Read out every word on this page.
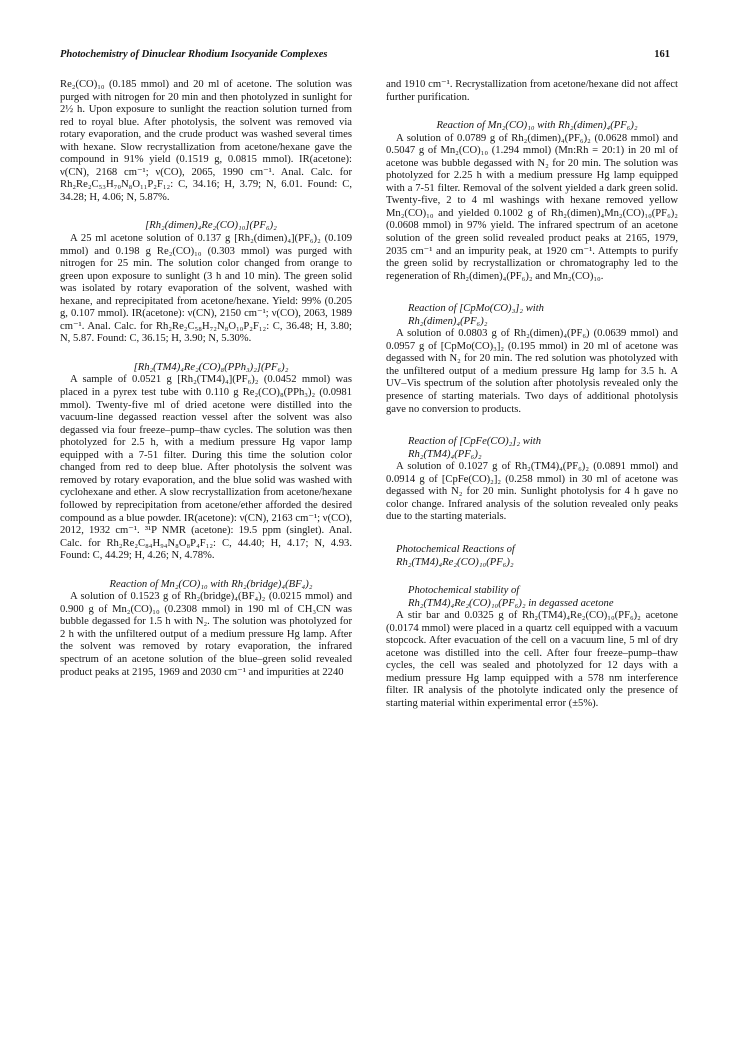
Photochemistry of Dinuclear Rhodium Isocyanide Complexes	161

Re₂(CO)₁₀ (0.185 mmol) and 20 ml of acetone. The solution was purged with nitrogen for 20 min and then photolyzed in sunlight for 2½ h. Upon exposure to sunlight the reaction solution turned from red to royal blue. After photolysis, the solvent was removed via rotary evaporation, and the crude product was washed several times with hexane. Slow recrystallization from acetone/hexane gave the compound in 91% yield (0.1519 g, 0.0815 mmol). IR(acetone): ν(CN), 2168 cm⁻¹; ν(CO), 2065, 1990 cm⁻¹. Anal. Calc. for Rh₂Re₂C₅₃H₇₀N₈O₁₁P₂F₁₂: C, 34.16; H, 3.79; N, 6.01. Found: C, 34.28; H, 4.06; N, 5.87%.

[Rh₂(dimen)₄Re₂(CO)₁₀](PF₆)₂

A 25 ml acetone solution of 0.137 g [Rh₂(dimen)₄](PF₆)₂ (0.109 mmol) and 0.198 g Re₂(CO)₁₀ (0.303 mmol) was purged with nitrogen for 25 min. The solution color changed from orange to green upon exposure to sunlight (3 h and 10 min). The green solid was isolated by rotary evaporation of the solvent, washed with hexane, and reprecipitated from acetone/hexane. Yield: 99% (0.205 g, 0.107 mmol). IR(acetone): ν(CN), 2150 cm⁻¹; ν(CO), 2063, 1989 cm⁻¹. Anal. Calc. for Rh₂Re₂C₅₈H₇₂N₈O₁₀P₂F₁₂: C, 36.48; H, 3.80; N, 5.87. Found: C, 36.15; H, 3.90; N, 5.30%.

[Rh₂(TM4)₄Re₂(CO)₈(PPh₃)₂](PF₆)₂

A sample of 0.0521 g [Rh₂(TM4)₄](PF₆)₂ (0.0452 mmol) was placed in a pyrex test tube with 0.110 g Re₂(CO)₈(PPh₃)₂ (0.0981 mmol). Twenty-five ml of dried acetone were distilled into the vacuum-line degassed reaction vessel after the solvent was also degassed via four freeze–pump–thaw cycles. The solution was then photolyzed for 2.5 h, with a medium pressure Hg vapor lamp equipped with a 7-51 filter. During this time the solution color changed from red to deep blue. After photolysis the solvent was removed by rotary evaporation, and the blue solid was washed with cyclohexane and ether. A slow recrystallization from acetone/hexane followed by reprecipitation from acetone/ether afforded the desired compound as a blue powder. IR(acetone): ν(CN), 2163 cm⁻¹; ν(CO), 2012, 1932 cm⁻¹. ³¹P NMR (acetone): 19.5 ppm (singlet). Anal. Calc. for Rh₂Re₂C₈₄H₉₄N₈O₈P₄F₁₂: C, 44.40; H, 4.17; N, 4.93. Found: C, 44.29; H, 4.26; N, 4.78%.

Reaction of Mn₂(CO)₁₀ with Rh₂(bridge)₄(BF₄)₂

A solution of 0.1523 g of Rh₂(bridge)₄(BF₄)₂ (0.0215 mmol) and 0.900 g of Mn₂(CO)₁₀ (0.2308 mmol) in 190 ml of CH₃CN was bubble degassed for 1.5 h with N₂. The solution was photolyzed for 2 h with the unfiltered output of a medium pressure Hg lamp. After the solvent was removed by rotary evaporation, the infrared spectrum of an acetone solution of the blue–green solid revealed product peaks at 2195, 1969 and 2030 cm⁻¹ and impurities at 2240

and 1910 cm⁻¹. Recrystallization from acetone/hexane did not affect further purification.

Reaction of Mn₂(CO)₁₀ with Rh₂(dimen)₄(PF₆)₂

A solution of 0.0789 g of Rh₂(dimen)₄(PF₆)₂ (0.0628 mmol) and 0.5047 g of Mn₂(CO)₁₀ (1.294 mmol) (Mn:Rh = 20:1) in 20 ml of acetone was bubble degassed with N₂ for 20 min. The solution was photolyzed for 2.25 h with a medium pressure Hg lamp equipped with a 7-51 filter. Removal of the solvent yielded a dark green solid. Twenty-five, 2 to 4 ml washings with hexane removed yellow Mn₂(CO)₁₀ and yielded 0.1002 g of Rh₂(dimen)₄Mn₂(CO)₁₀(PF₆)₂ (0.0608 mmol) in 97% yield. The infrared spectrum of an acetone solution of the green solid revealed product peaks at 2165, 1979, 2035 cm⁻¹ and an impurity peak, at 1920 cm⁻¹. Attempts to purify the green solid by recrystallization or chromatography led to the regeneration of Rh₂(dimen)₄(PF₆)₂ and Mn₂(CO)₁₀.

Reaction of [CpMo(CO)₃]₂ with

Rh₂(dimen)₄(PF₆)₂

A solution of 0.0803 g of Rh₂(dimen)₄(PF₆) (0.0639 mmol) and 0.0957 g of [CpMo(CO)₃]₂ (0.195 mmol) in 20 ml of acetone was degassed with N₂ for 20 min. The red solution was photolyzed with the unfiltered output of a medium pressure Hg lamp for 3.5 h. A UV–Vis spectrum of the solution after photolysis revealed only the presence of starting materials. Two days of additional photolysis gave no conversion to products.

Reaction of [CpFe(CO)₂]₂ with

Rh₂(TM4)₄(PF₆)₂

A solution of 0.1027 g of Rh₂(TM4)₄(PF₆)₂ (0.0891 mmol) and 0.0914 g of [CpFe(CO)₂]₂ (0.258 mmol) in 30 ml of acetone was degassed with N₂ for 20 min. Sunlight photolysis for 4 h gave no color change. Infrared analysis of the solution revealed only peaks due to the starting materials.

Photochemical Reactions of

Rh₂(TM4)₄Re₂(CO)₁₀(PF₆)₂

Photochemical stability of

Rh₂(TM4)₄Re₂(CO)₁₀(PF₆)₂ in degassed acetone

A stir bar and 0.0325 g of Rh₂(TM4)₄Re₂(CO)₁₀(PF₆)₂ acetone (0.0174 mmol) were placed in a quartz cell equipped with a vacuum stopcock. After evacuation of the cell on a vacuum line, 5 ml of dry acetone was distilled into the cell. After four freeze–pump–thaw cycles, the cell was sealed and photolyzed for 12 days with a medium pressure Hg lamp equipped with a 578 nm interference filter. IR analysis of the photolyte indicated only the presence of starting material within experimental error (±5%).
